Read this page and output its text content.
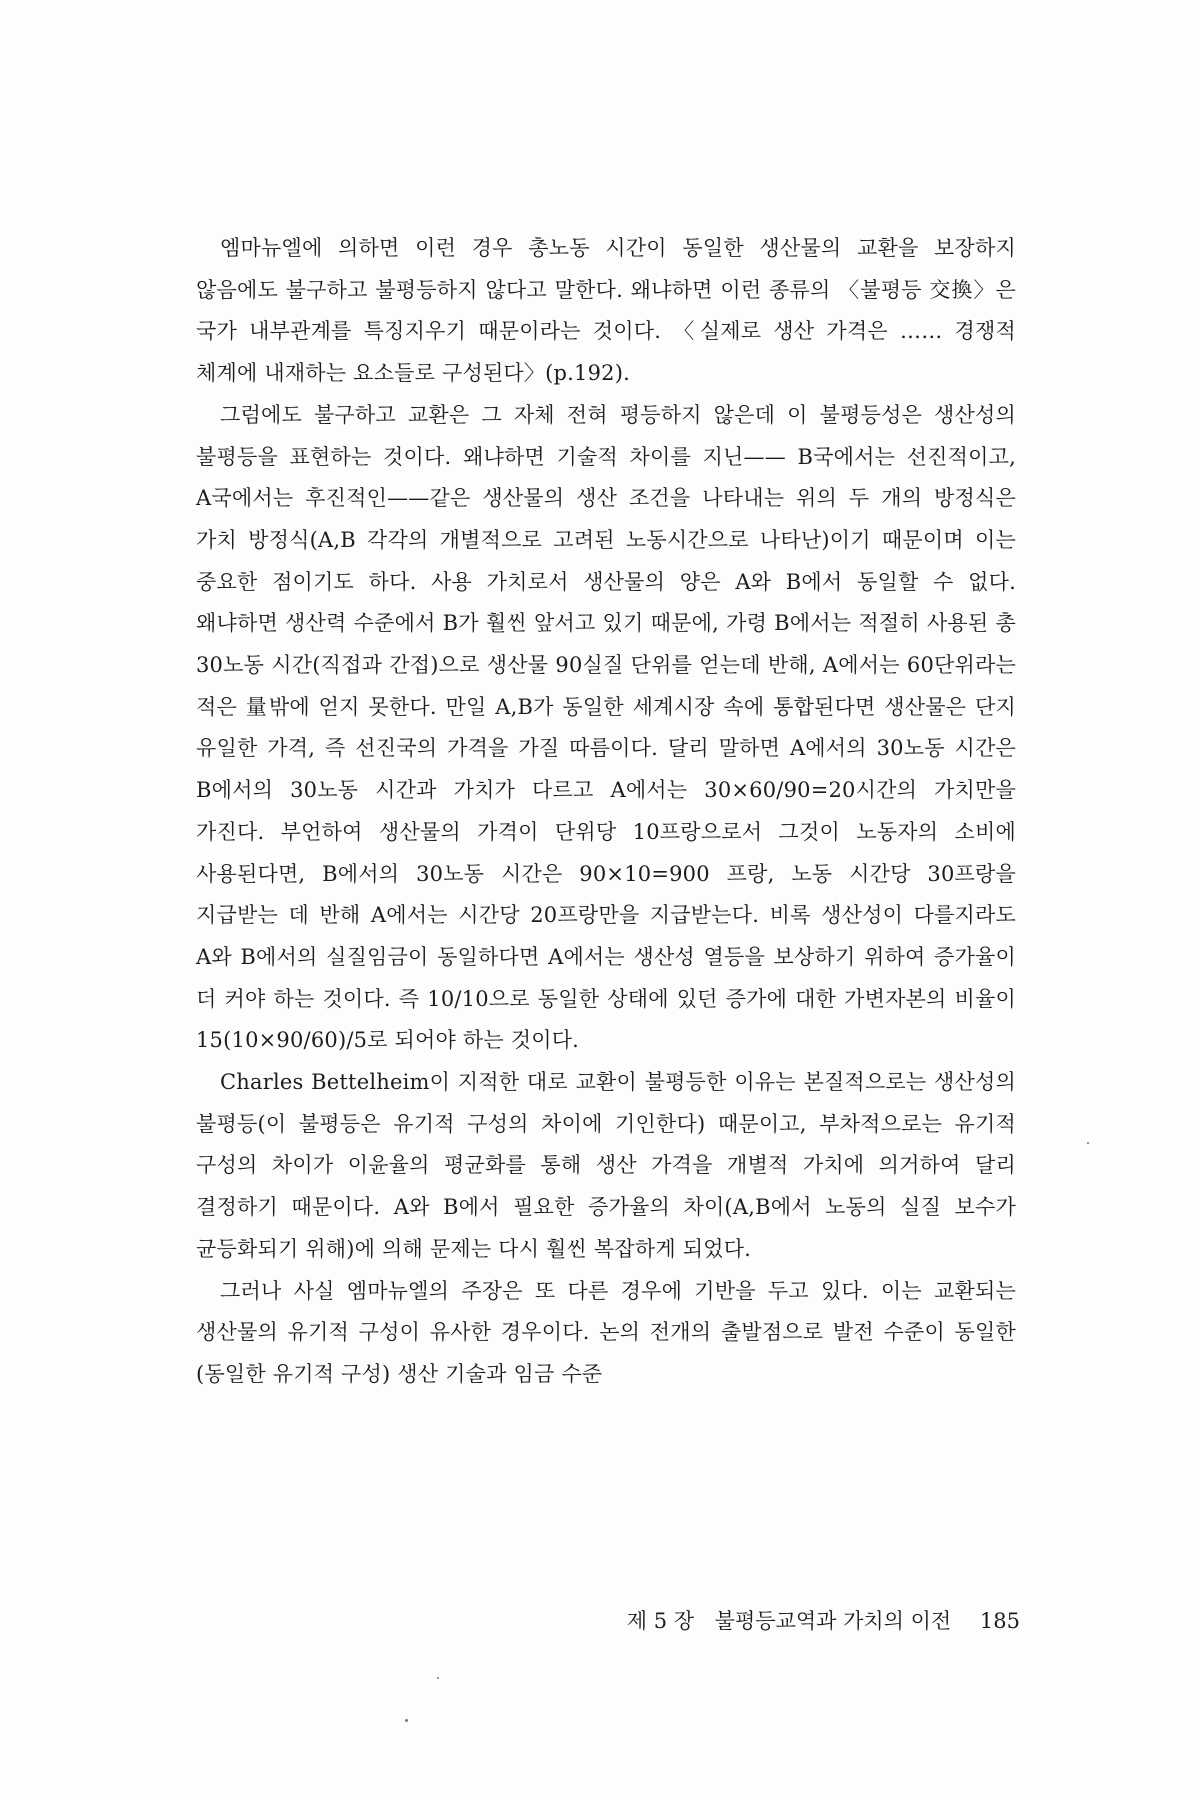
엠마뉴엘에 의하면 이런 경우 총노동 시간이 동일한 생산물의 교환을 보장하지 않음에도 불구하고 불평등하지 않다고 말한다. 왜냐하면 이런 종류의 〈불평등 交換〉은 국가 내부관계를 특징지우기 때문이라는 것이다. 〈실제로 생산 가격은 …… 경쟁적 체계에 내재하는 요소들로 구성된다〉(p.192).

그럼에도 불구하고 교환은 그 자체 전혀 평등하지 않은데 이 불평등성은 생산성의 불평등을 표현하는 것이다. 왜냐하면 기술적 차이를 지닌—— B국에서는 선진적이고, A국에서는 후진적인——같은 생산물의 생산 조건을 나타내는 위의 두 개의 방정식은 가치 방정식(A,B 각각의 개별적으로 고려된 노동시간으로 나타난)이기 때문이며 이는 중요한 점이기도 하다. 사용 가치로서 생산물의 양은 A와 B에서 동일할 수 없다. 왜냐하면 생산력 수준에서 B가 훨씬 앞서고 있기 때문에, 가령 B에서는 적절히 사용된 총 30노동 시간(직접과 간접)으로 생산물 90실질 단위를 얻는데 반해, A에서는 60단위라는 적은 量밖에 얻지 못한다. 만일 A,B가 동일한 세계시장 속에 통합된다면 생산물은 단지 유일한 가격, 즉 선진국의 가격을 가질 따름이다. 달리 말하면 A에서의 30노동 시간은 B에서의 30노동 시간과 가치가 다르고 A에서는 30×60/90=20시간의 가치만을 가진다. 부언하여 생산물의 가격이 단위당 10프랑으로서 그것이 노동자의 소비에 사용된다면, B에서의 30노동 시간은 90×10=900 프랑, 노동 시간당 30프랑을 지급받는 데 반해 A에서는 시간당 20프랑만을 지급받는다. 비록 생산성이 다를지라도 A와 B에서의 실질임금이 동일하다면 A에서는 생산성 열등을 보상하기 위하여 증가율이 더 커야 하는 것이다. 즉 10/10으로 동일한 상태에 있던 증가에 대한 가변자본의 비율이 15(10×90/60)/5로 되어야 하는 것이다.

Charles Bettelheim이 지적한 대로 교환이 불평등한 이유는 본질적으로는 생산성의 불평등(이 불평등은 유기적 구성의 차이에 기인한다) 때문이고, 부차적으로는 유기적 구성의 차이가 이윤율의 평균화를 통해 생산 가격을 개별적 가치에 의거하여 달리 결정하기 때문이다. A와 B에서 필요한 증가율의 차이(A,B에서 노동의 실질 보수가 균등화되기 위해)에 의해 문제는 다시 훨씬 복잡하게 되었다.

그러나 사실 엠마뉴엘의 주장은 또 다른 경우에 기반을 두고 있다. 이는 교환되는 생산물의 유기적 구성이 유사한 경우이다. 논의 전개의 출발점으로 발전 수준이 동일한(동일한 유기적 구성) 생산 기술과 임금 수준

제 5 장 불평등교역과 가치의 이전 185
